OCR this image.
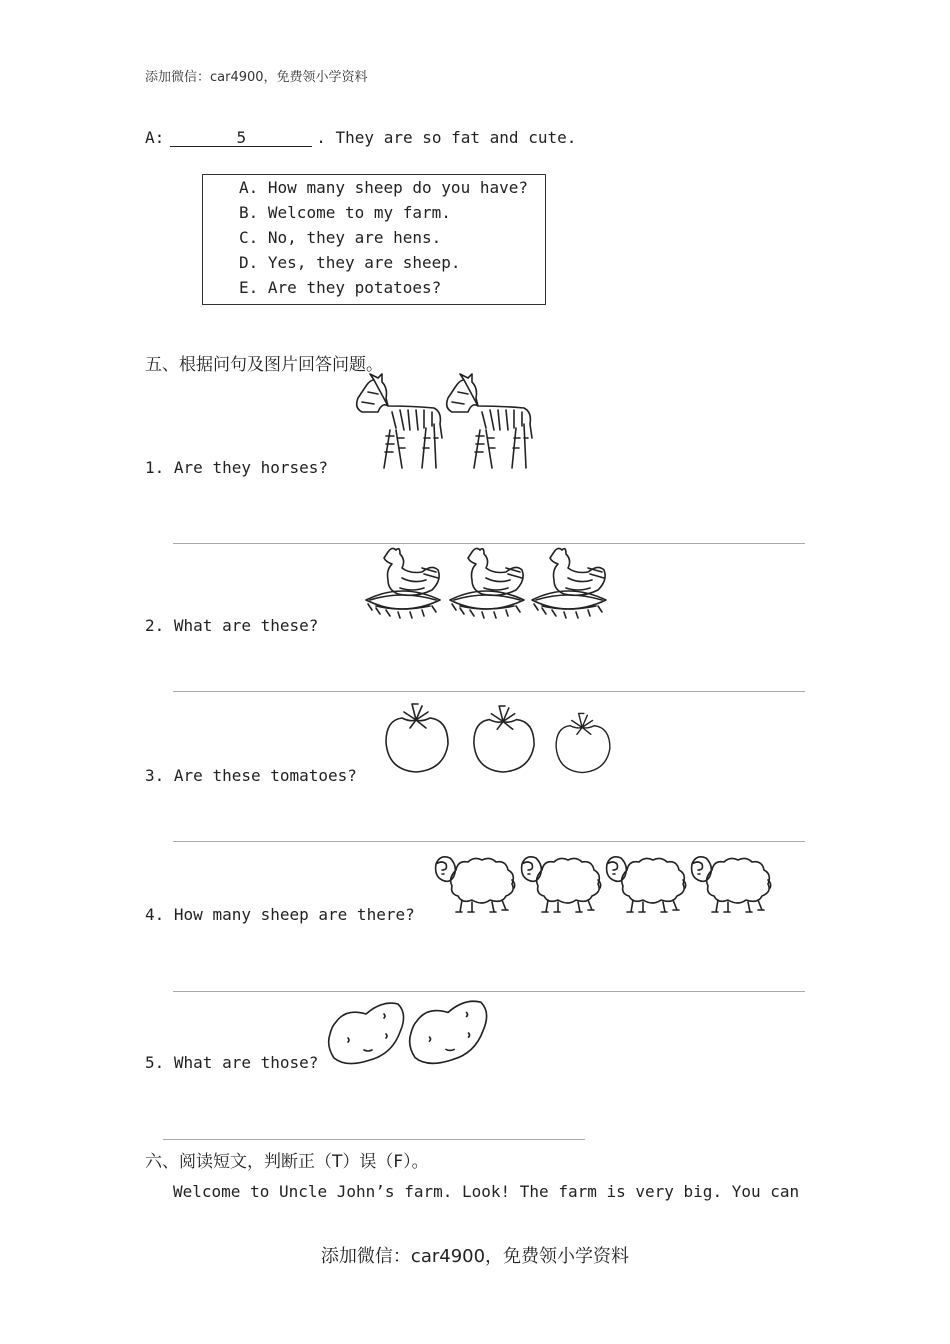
添加微信：car4900，免费领小学资料
A:	5	. They are so fat and cute.
A. How many sheep do you have?
B. Welcome to my farm.
C. No, they are hens.
D. Yes, they are sheep.
E. Are they potatoes?
五、根据问句及图片回答问题。
1. Are they horses?
2. What are these?
3. Are these tomatoes?
4. How many sheep are there?
5. What are those?
六、阅读短文，判断正（T）误（F）。
Welcome to Uncle John’s farm. Look! The farm is very big. You can
添加微信：car4900，免费领小学资料
